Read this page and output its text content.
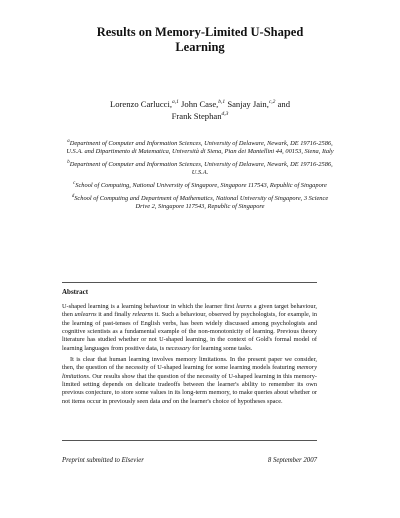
Results on Memory-Limited U-Shaped
Learning
Lorenzo Carlucci,$^{a,1}$ John Case,$^{b,1}$ Sanjay Jain,$^{c,2}$ and
Frank Stephan$^{d,3}$
$^a$Department of Computer and Information Sciences, University of Delaware, Newark, DE 19716-2586, U.S.A. and Dipartimento di Matematica, Università di Siena, Pian dei Mantellini 44, 00153, Siena, Italy
$^b$Department of Computer and Information Sciences, University of Delaware, Newark, DE 19716-2586, U.S.A.
$^c$School of Computing, National University of Singapore, Singapore 117543, Republic of Singapore
$^d$School of Computing and Department of Mathematics, National University of Singapore, 3 Science Drive 2, Singapore 117543, Republic of Singapore
Abstract

U-shaped learning is a learning behaviour in which the learner first learns a given target behaviour, then unlearns it and finally relearns it. Such a behaviour, observed by psychologists, for example, in the learning of past-tenses of English verbs, has been widely discussed among psychologists and cognitive scientists as a fundamental example of the non-monotonicity of learning. Previous theory literature has studied whether or not U-shaped learning, in the context of Gold's formal model of learning languages from positive data, is necessary for learning some tasks.

It is clear that human learning involves memory limitations. In the present paper we consider, then, the question of the necessity of U-shaped learning for some learning models featuring memory limitations. Our results show that the question of the necessity of U-shaped learning in this memory-limited setting depends on delicate tradeoffs between the learner's ability to remember its own previous conjecture, to store some values in its long-term memory, to make queries about whether or not items occur in previously seen data and on the learner's choice of hypotheses space.

Preprint submitted to Elsevier	8 September 2007
